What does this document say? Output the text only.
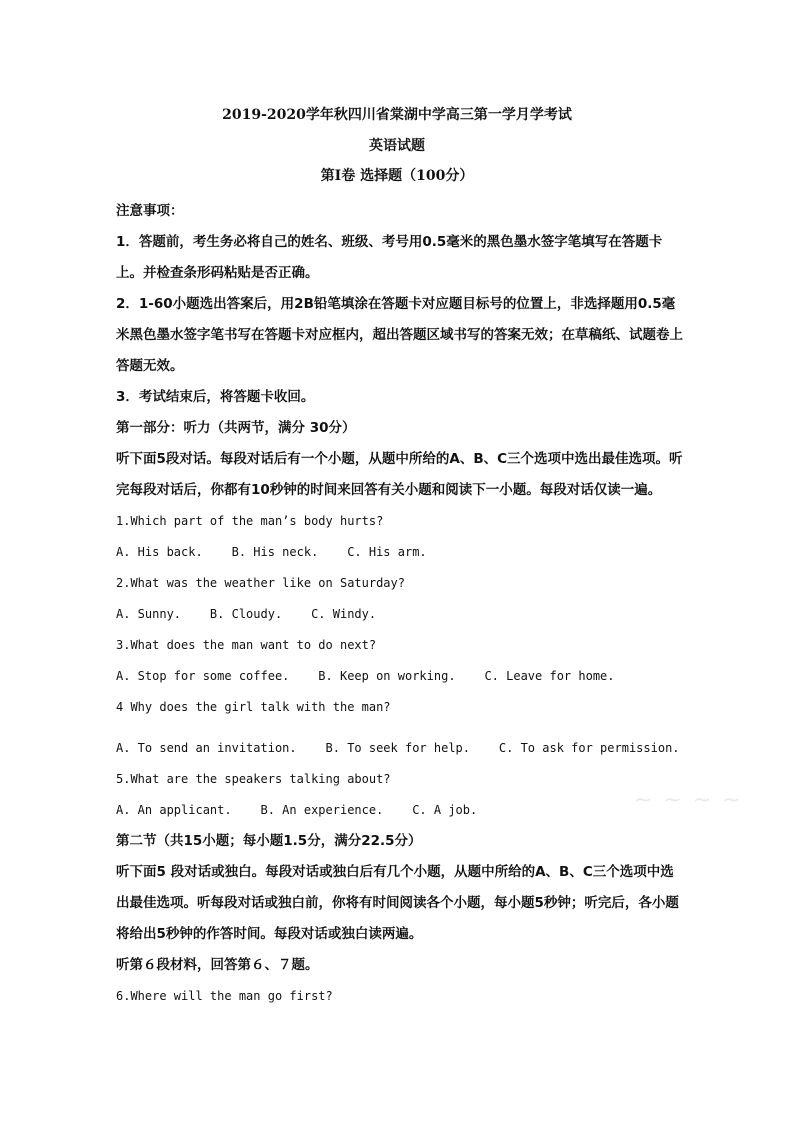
2019-2020学年秋四川省棠湖中学高三第一学月学考试
英语试题
第Ⅰ卷 选择题（100分）

注意事项：

1．答题前，考生务必将自己的姓名、班级、考号用0.5毫米的黑色墨水签字笔填写在答题卡上。并检查条形码粘贴是否正确。

2．1-60小题选出答案后，用2B铅笔填涂在答题卡对应题目标号的位置上，非选择题用0.5毫米黑色墨水签字笔书写在答题卡对应框内，超出答题区域书写的答案无效；在草稿纸、试题卷上答题无效。

3．考试结束后，将答题卡收回。

第一部分：听力（共两节，满分 30分）

听下面5段对话。每段对话后有一个小题，从题中所给的A、B、C三个选项中选出最佳选项。听完每段对话后，你都有10秒钟的时间来回答有关小题和阅读下一小题。每段对话仅读一遍。

1.Which part of the man’s body hurts?

A. His back.    B. His neck.    C. His arm.

2.What was the weather like on Saturday?

A. Sunny.    B. Cloudy.    C. Windy.

3.What does the man want to do next?

A. Stop for some coffee.    B. Keep on working.    C. Leave for home.

4 Why does the girl talk with the man?

A. To send an invitation.    B. To seek for help.    C. To ask for permission.

5.What are the speakers talking about?

A. An applicant.    B. An experience.    C. A job.

第二节（共15小题；每小题1.5分，满分22.5分）

听下面5 段对话或独白。每段对话或独白后有几个小题，从题中所给的A、B、C三个选项中选出最佳选项。听每段对话或独白前，你将有时间阅读各个小题，每小题5秒钟；听完后，各小题将给出5秒钟的作答时间。每段对话或独白读两遍。

听第６段材料，回答第６、７题。

6.Where will the man go first?

~ ~ ~ ~
